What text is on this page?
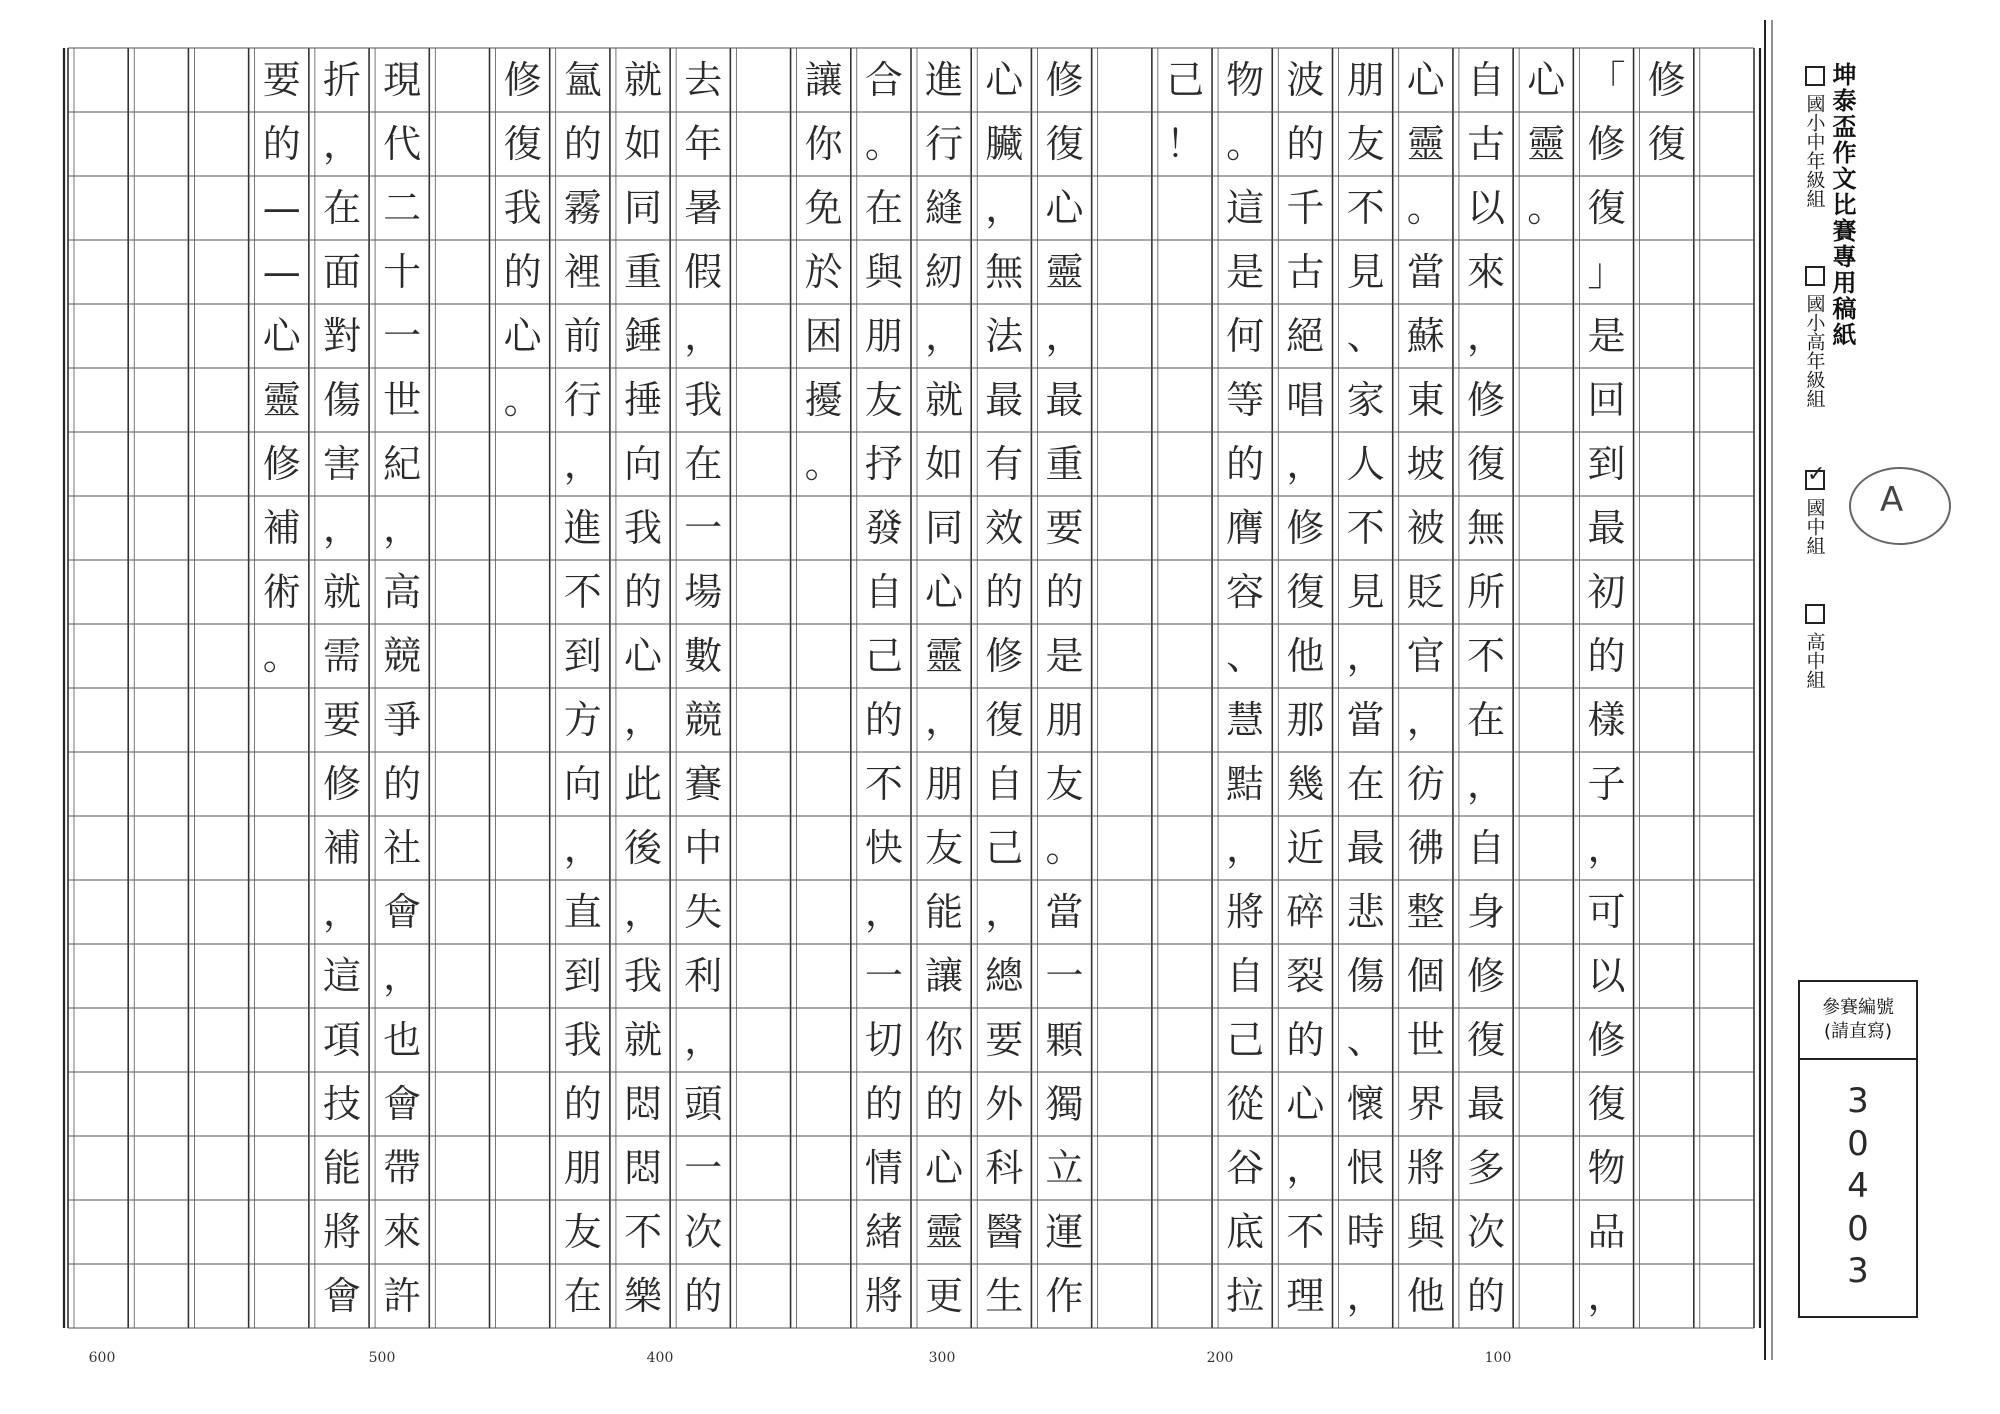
修
復
「
修
復
」
是
回
到
最
初
的
樣
子
，
可
以
修
復
物
品
，
心
靈
。
自
古
以
來
，
修
復
無
所
不
在
，
自
身
修
復
最
多
次
的
心
靈
。
當
蘇
東
坡
被
貶
官
，
彷
彿
整
個
世
界
將
與
他
朋
友
不
見
、
家
人
不
見
，
當
在
最
悲
傷
、
懷
恨
時
，
波
的
千
古
絕
唱
，
修
復
他
那
幾
近
碎
裂
的
心
，
不
理
物
。
這
是
何
等
的
膺
容
、
慧
黠
，
將
自
己
從
谷
底
拉
己
！
修
復
心
靈
，
最
重
要
的
是
朋
友
。
當
一
顆
獨
立
運
作
心
臟
，
無
法
最
有
效
的
修
復
自
己
，
總
要
外
科
醫
生
進
行
縫
紉
，
就
如
同
心
靈
，
朋
友
能
讓
你
的
心
靈
更
合
。
在
與
朋
友
抒
發
自
己
的
不
快
，
一
切
的
情
緒
將
讓
你
免
於
困
擾
。
去
年
暑
假
，
我
在
一
場
數
競
賽
中
失
利
，
頭
一
次
的
就
如
同
重
錘
捶
向
我
的
心
，
此
後
，
我
就
悶
悶
不
樂
氳
的
霧
裡
前
行
，
進
不
到
方
向
，
直
到
我
的
朋
友
在
修
復
我
的
心
。
現
代
二
十
一
世
紀
，
高
競
爭
的
社
會
，
也
會
帶
來
許
折
，
在
面
對
傷
害
，
就
需
要
修
補
，
這
項
技
能
將
會
要
的
—
—
心
靈
修
補
術
。
600	500	400	300	200	100
坤泰盃作文比賽專用稿紙
國小中年級組
國小高年級組
✓
國中組
高中組
A
參賽編號
(請直寫)
3
0
4
0
3
